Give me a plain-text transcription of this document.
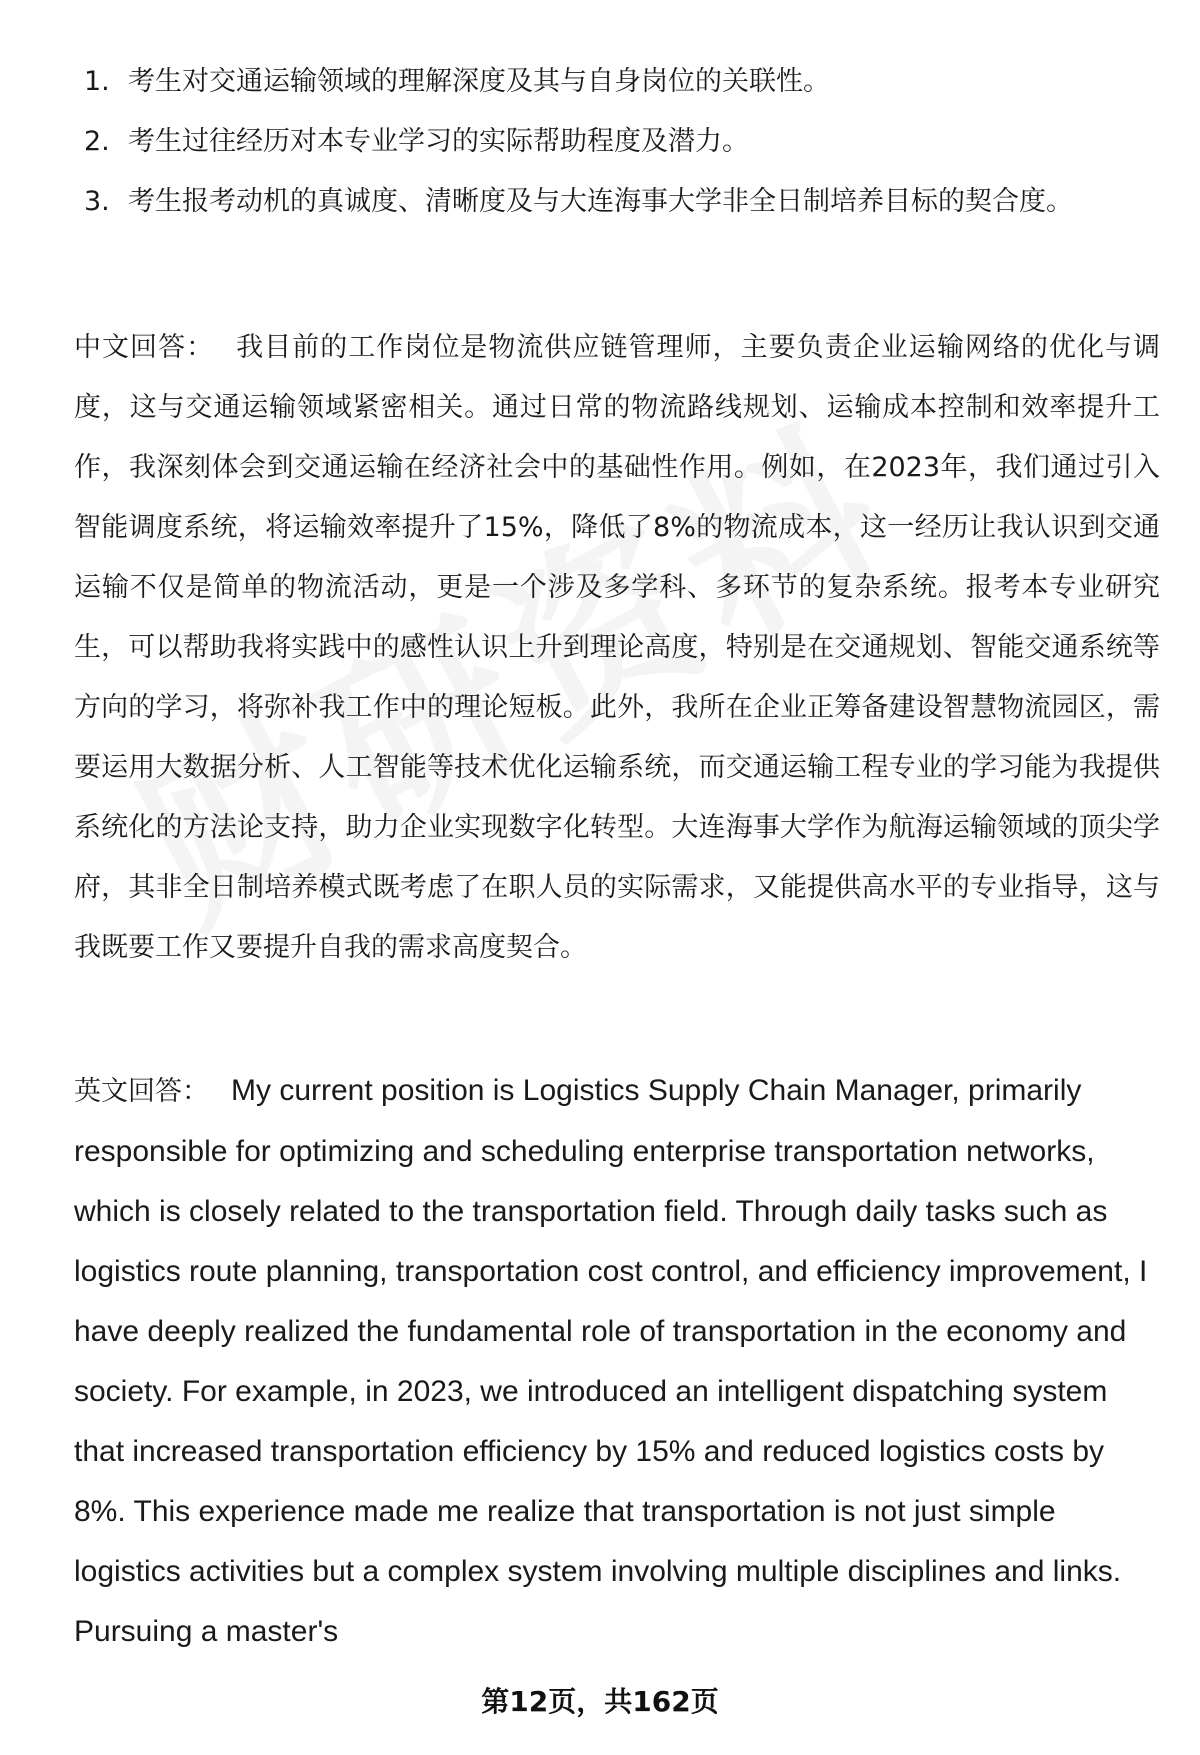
1. 考生对交通运输领域的理解深度及其与自身岗位的关联性。
2. 考生过往经历对本专业学习的实际帮助程度及潜力。
3. 考生报考动机的真诚度、清晰度及与大连海事大学非全日制培养目标的契合度。

中文回答： 我目前的工作岗位是物流供应链管理师，主要负责企业运输网络的优化与调度，这与交通运输领域紧密相关。通过日常的物流路线规划、运输成本控制和效率提升工作，我深刻体会到交通运输在经济社会中的基础性作用。例如，在2023年，我们通过引入智能调度系统，将运输效率提升了15%，降低了8%的物流成本，这一经历让我认识到交通运输不仅是简单的物流活动，更是一个涉及多学科、多环节的复杂系统。报考本专业研究生，可以帮助我将实践中的感性认识上升到理论高度，特别是在交通规划、智能交通系统等方向的学习，将弥补我工作中的理论短板。此外，我所在企业正筹备建设智慧物流园区，需要运用大数据分析、人工智能等技术优化运输系统，而交通运输工程专业的学习能为我提供系统化的方法论支持，助力企业实现数字化转型。大连海事大学作为航海运输领域的顶尖学府，其非全日制培养模式既考虑了在职人员的实际需求，又能提供高水平的专业指导，这与我既要工作又要提升自我的需求高度契合。

英文回答： My current position is Logistics Supply Chain Manager, primarily responsible for optimizing and scheduling enterprise transportation networks, which is closely related to the transportation field. Through daily tasks such as logistics route planning, transportation cost control, and efficiency improvement, I have deeply realized the fundamental role of transportation in the economy and society. For example, in 2023, we introduced an intelligent dispatching system that increased transportation efficiency by 15% and reduced logistics costs by 8%. This experience made me realize that transportation is not just simple logistics activities but a complex system involving multiple disciplines and links. Pursuing a master's

第12页，共162页
